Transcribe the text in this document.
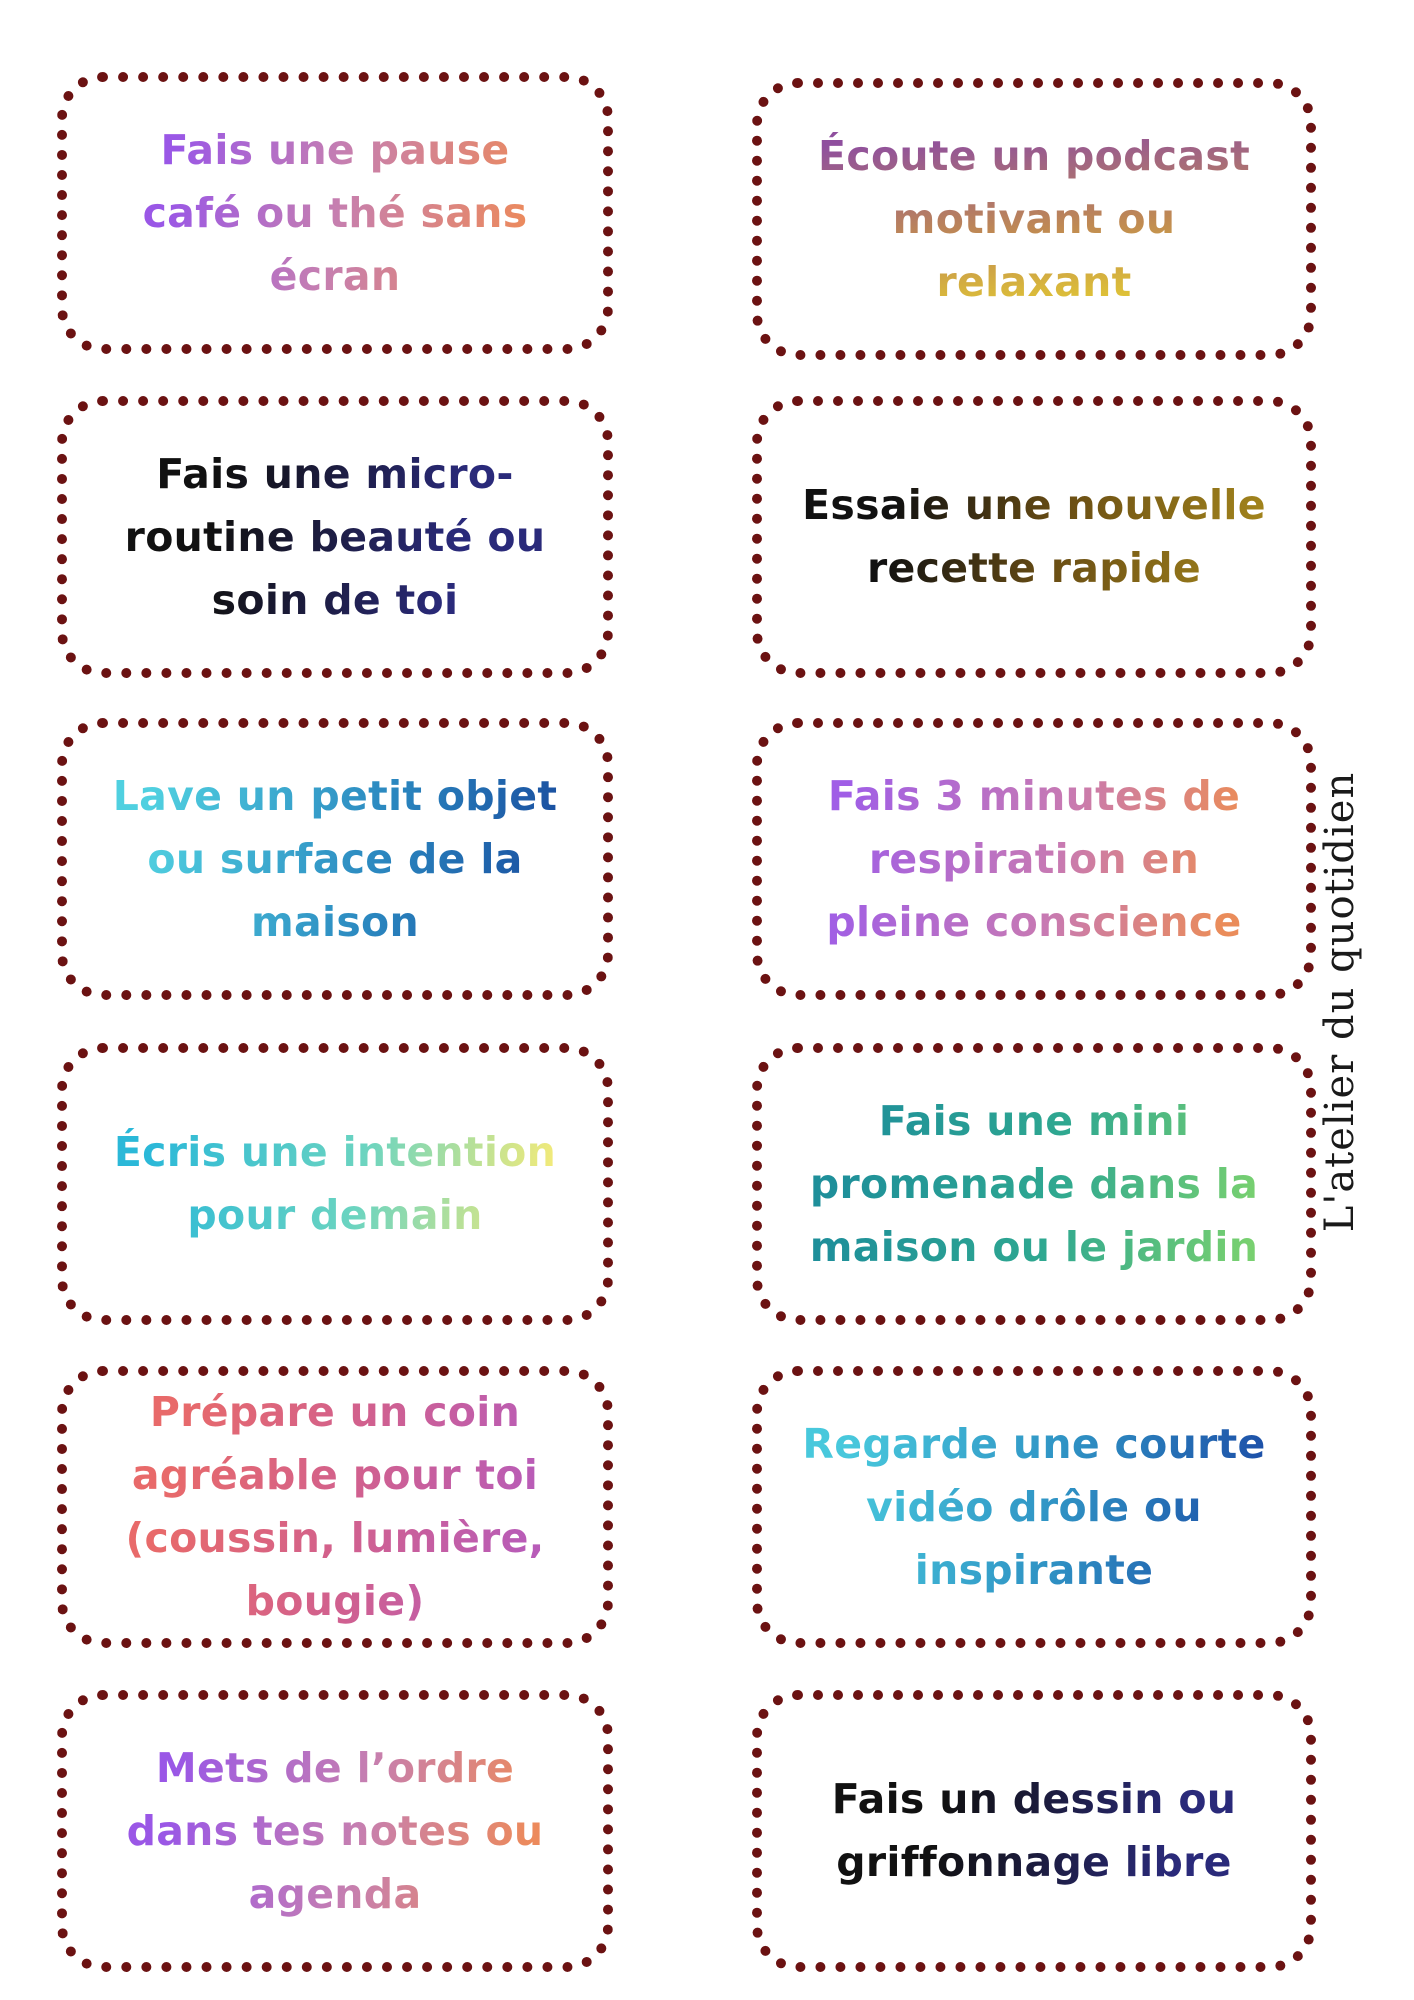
Fais une pause café ou thé sans écran

Écoute un podcast motivant ou relaxant

Fais une micro-routine beauté ou soin de toi

Essaie une nouvelle recette rapide

Lave un petit objet ou surface de la maison

Fais 3 minutes de respiration en pleine conscience

Écris une intention pour demain

Fais une mini promenade dans la maison ou le jardin

Prépare un coin agréable pour toi (coussin, lumière, bougie)

Regarde une courte vidéo drôle ou inspirante

Mets de l’ordre dans tes notes ou agenda

Fais un dessin ou griffonnage libre

L'atelier du quotidien
